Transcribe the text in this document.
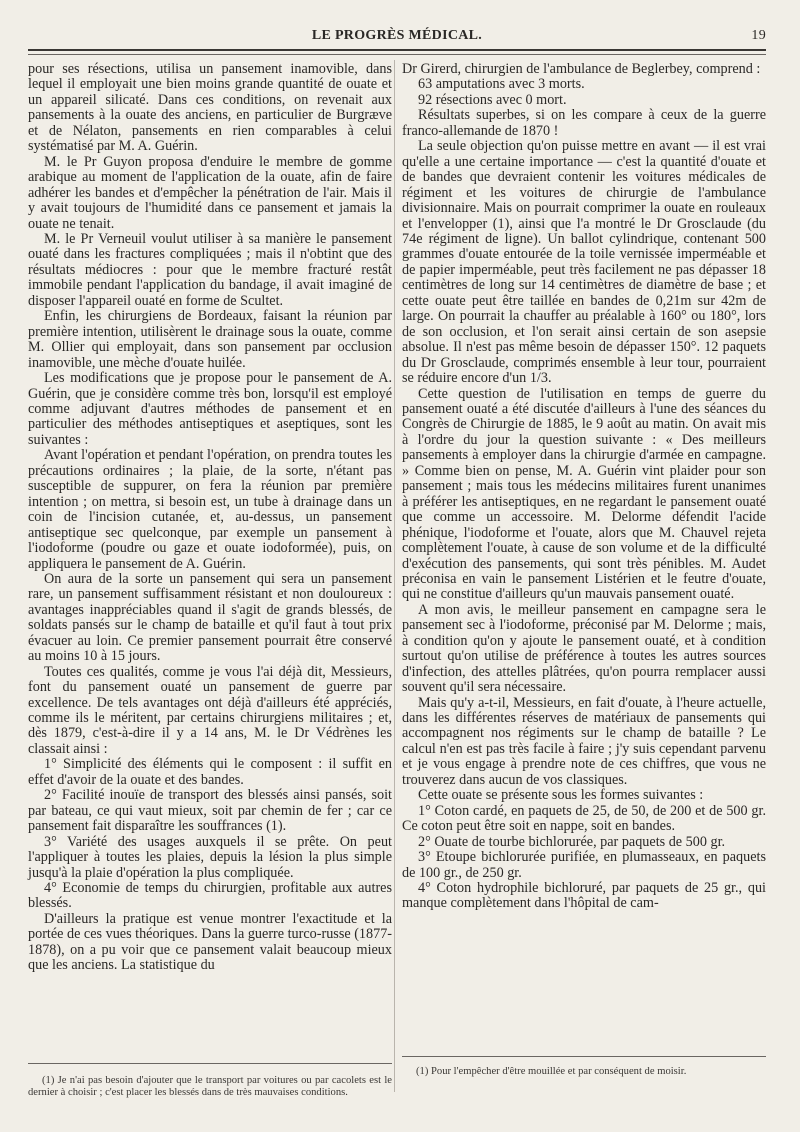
LE PROGRÈS MÉDICAL.	19

pour ses résections, utilisa un pansement inamovible, dans lequel il employait une bien moins grande quantité de ouate et un appareil silicaté. Dans ces conditions, on revenait aux pansements à la ouate des anciens, en particulier de Burgræve et de Nélaton, pansements en rien comparables à celui systématisé par M. A. Guérin.

M. le Pr Guyon proposa d'enduire le membre de gomme arabique au moment de l'application de la ouate, afin de faire adhérer les bandes et d'empêcher la pénétration de l'air. Mais il y avait toujours de l'humidité dans ce pansement et jamais la ouate ne tenait.

M. le Pr Verneuil voulut utiliser à sa manière le pansement ouaté dans les fractures compliquées ; mais il n'obtint que des résultats médiocres : pour que le membre fracturé restât immobile pendant l'application du bandage, il avait imaginé de disposer l'appareil ouaté en forme de Scultet.

Enfin, les chirurgiens de Bordeaux, faisant la réunion par première intention, utilisèrent le drainage sous la ouate, comme M. Ollier qui employait, dans son pansement par occlusion inamovible, une mèche d'ouate huilée.

Les modifications que je propose pour le pansement de A. Guérin, que je considère comme très bon, lorsqu'il est employé comme adjuvant d'autres méthodes de pansement et en particulier des méthodes antiseptiques et aseptiques, sont les suivantes :

Avant l'opération et pendant l'opération, on prendra toutes les précautions ordinaires ; la plaie, de la sorte, n'étant pas susceptible de suppurer, on fera la réunion par première intention ; on mettra, si besoin est, un tube à drainage dans un coin de l'incision cutanée, et, au-dessus, un pansement antiseptique sec quelconque, par exemple un pansement à l'iodoforme (poudre ou gaze et ouate iodoformée), puis, on appliquera le pansement de A. Guérin.

On aura de la sorte un pansement qui sera un pansement rare, un pansement suffisamment résistant et non douloureux : avantages inappréciables quand il s'agit de grands blessés, de soldats pansés sur le champ de bataille et qu'il faut à tout prix évacuer au loin. Ce premier pansement pourrait être conservé au moins 10 à 15 jours.

Toutes ces qualités, comme je vous l'ai déjà dit, Messieurs, font du pansement ouaté un pansement de guerre par excellence. De tels avantages ont déjà d'ailleurs été appréciés, comme ils le méritent, par certains chirurgiens militaires ; et, dès 1879, c'est-à-dire il y a 14 ans, M. le Dr Védrènes les classait ainsi :

1° Simplicité des éléments qui le composent : il suffit en effet d'avoir de la ouate et des bandes.

2° Facilité inouïe de transport des blessés ainsi pansés, soit par bateau, ce qui vaut mieux, soit par chemin de fer ; car ce pansement fait disparaître les souffrances (1).

3° Variété des usages auxquels il se prête. On peut l'appliquer à toutes les plaies, depuis la lésion la plus simple jusqu'à la plaie d'opération la plus compliquée.

4° Economie de temps du chirurgien, profitable aux autres blessés.

D'ailleurs la pratique est venue montrer l'exactitude et la portée de ces vues théoriques. Dans la guerre turco-russe (1877-1878), on a pu voir que ce pansement valait beaucoup mieux que les anciens. La statistique du

Dr Girerd, chirurgien de l'ambulance de Beglerbey, comprend :

63 amputations avec 3 morts.

92 résections avec 0 mort.

Résultats superbes, si on les compare à ceux de la guerre franco-allemande de 1870 !

La seule objection qu'on puisse mettre en avant — il est vrai qu'elle a une certaine importance — c'est la quantité d'ouate et de bandes que devraient contenir les voitures médicales de régiment et les voitures de chirurgie de l'ambulance divisionnaire. Mais on pourrait comprimer la ouate en rouleaux et l'envelopper (1), ainsi que l'a montré le Dr Grosclaude (du 74e régiment de ligne). Un ballot cylindrique, contenant 500 grammes d'ouate entourée de la toile vernissée imperméable et de papier imperméable, peut très facilement ne pas dépasser 18 centimètres de long sur 14 centimètres de diamètre de base ; et cette ouate peut être taillée en bandes de 0,21m sur 42m de large. On pourrait la chauffer au préalable à 160° ou 180°, lors de son occlusion, et l'on serait ainsi certain de son asepsie absolue. Il n'est pas même besoin de dépasser 150°. 12 paquets du Dr Grosclaude, comprimés ensemble à leur tour, pourraient se réduire encore d'un 1/3.

Cette question de l'utilisation en temps de guerre du pansement ouaté a été discutée d'ailleurs à l'une des séances du Congrès de Chirurgie de 1885, le 9 août au matin. On avait mis à l'ordre du jour la question suivante : « Des meilleurs pansements à employer dans la chirurgie d'armée en campagne. » Comme bien on pense, M. A. Guérin vint plaider pour son pansement ; mais tous les médecins militaires furent unanimes à préférer les antiseptiques, en ne regardant le pansement ouaté que comme un accessoire. M. Delorme défendit l'acide phénique, l'iodoforme et l'ouate, alors que M. Chauvel rejeta complètement l'ouate, à cause de son volume et de la difficulté d'exécution des pansements, qui sont très pénibles. M. Audet préconisa en vain le pansement Listérien et le feutre d'ouate, qui ne constitue d'ailleurs qu'un mauvais pansement ouaté.

A mon avis, le meilleur pansement en campagne sera le pansement sec à l'iodoforme, préconisé par M. Delorme ; mais, à condition qu'on y ajoute le pansement ouaté, et à condition surtout qu'on utilise de préférence à toutes les autres sources d'infection, des attelles plâtrées, qu'on pourra remplacer aussi souvent qu'il sera nécessaire.

Mais qu'y a-t-il, Messieurs, en fait d'ouate, à l'heure actuelle, dans les différentes réserves de matériaux de pansements qui accompagnent nos régiments sur le champ de bataille ? Le calcul n'en est pas très facile à faire ; j'y suis cependant parvenu et je vous engage à prendre note de ces chiffres, que vous ne trouverez dans aucun de vos classiques.

Cette ouate se présente sous les formes suivantes :

1° Coton cardé, en paquets de 25, de 50, de 200 et de 500 gr. Ce coton peut être soit en nappe, soit en bandes.

2° Ouate de tourbe bichlorurée, par paquets de 500 gr.

3° Etoupe bichlorurée purifiée, en plumasseaux, en paquets de 100 gr., de 250 gr.

4° Coton hydrophile bichloruré, par paquets de 25 gr., qui manque complètement dans l'hôpital de cam-

(1) Je n'ai pas besoin d'ajouter que le transport par voitures ou par cacolets est le dernier à choisir ; c'est placer les blessés dans de très mauvaises conditions.

(1) Pour l'empêcher d'être mouillée et par conséquent de moisir.
